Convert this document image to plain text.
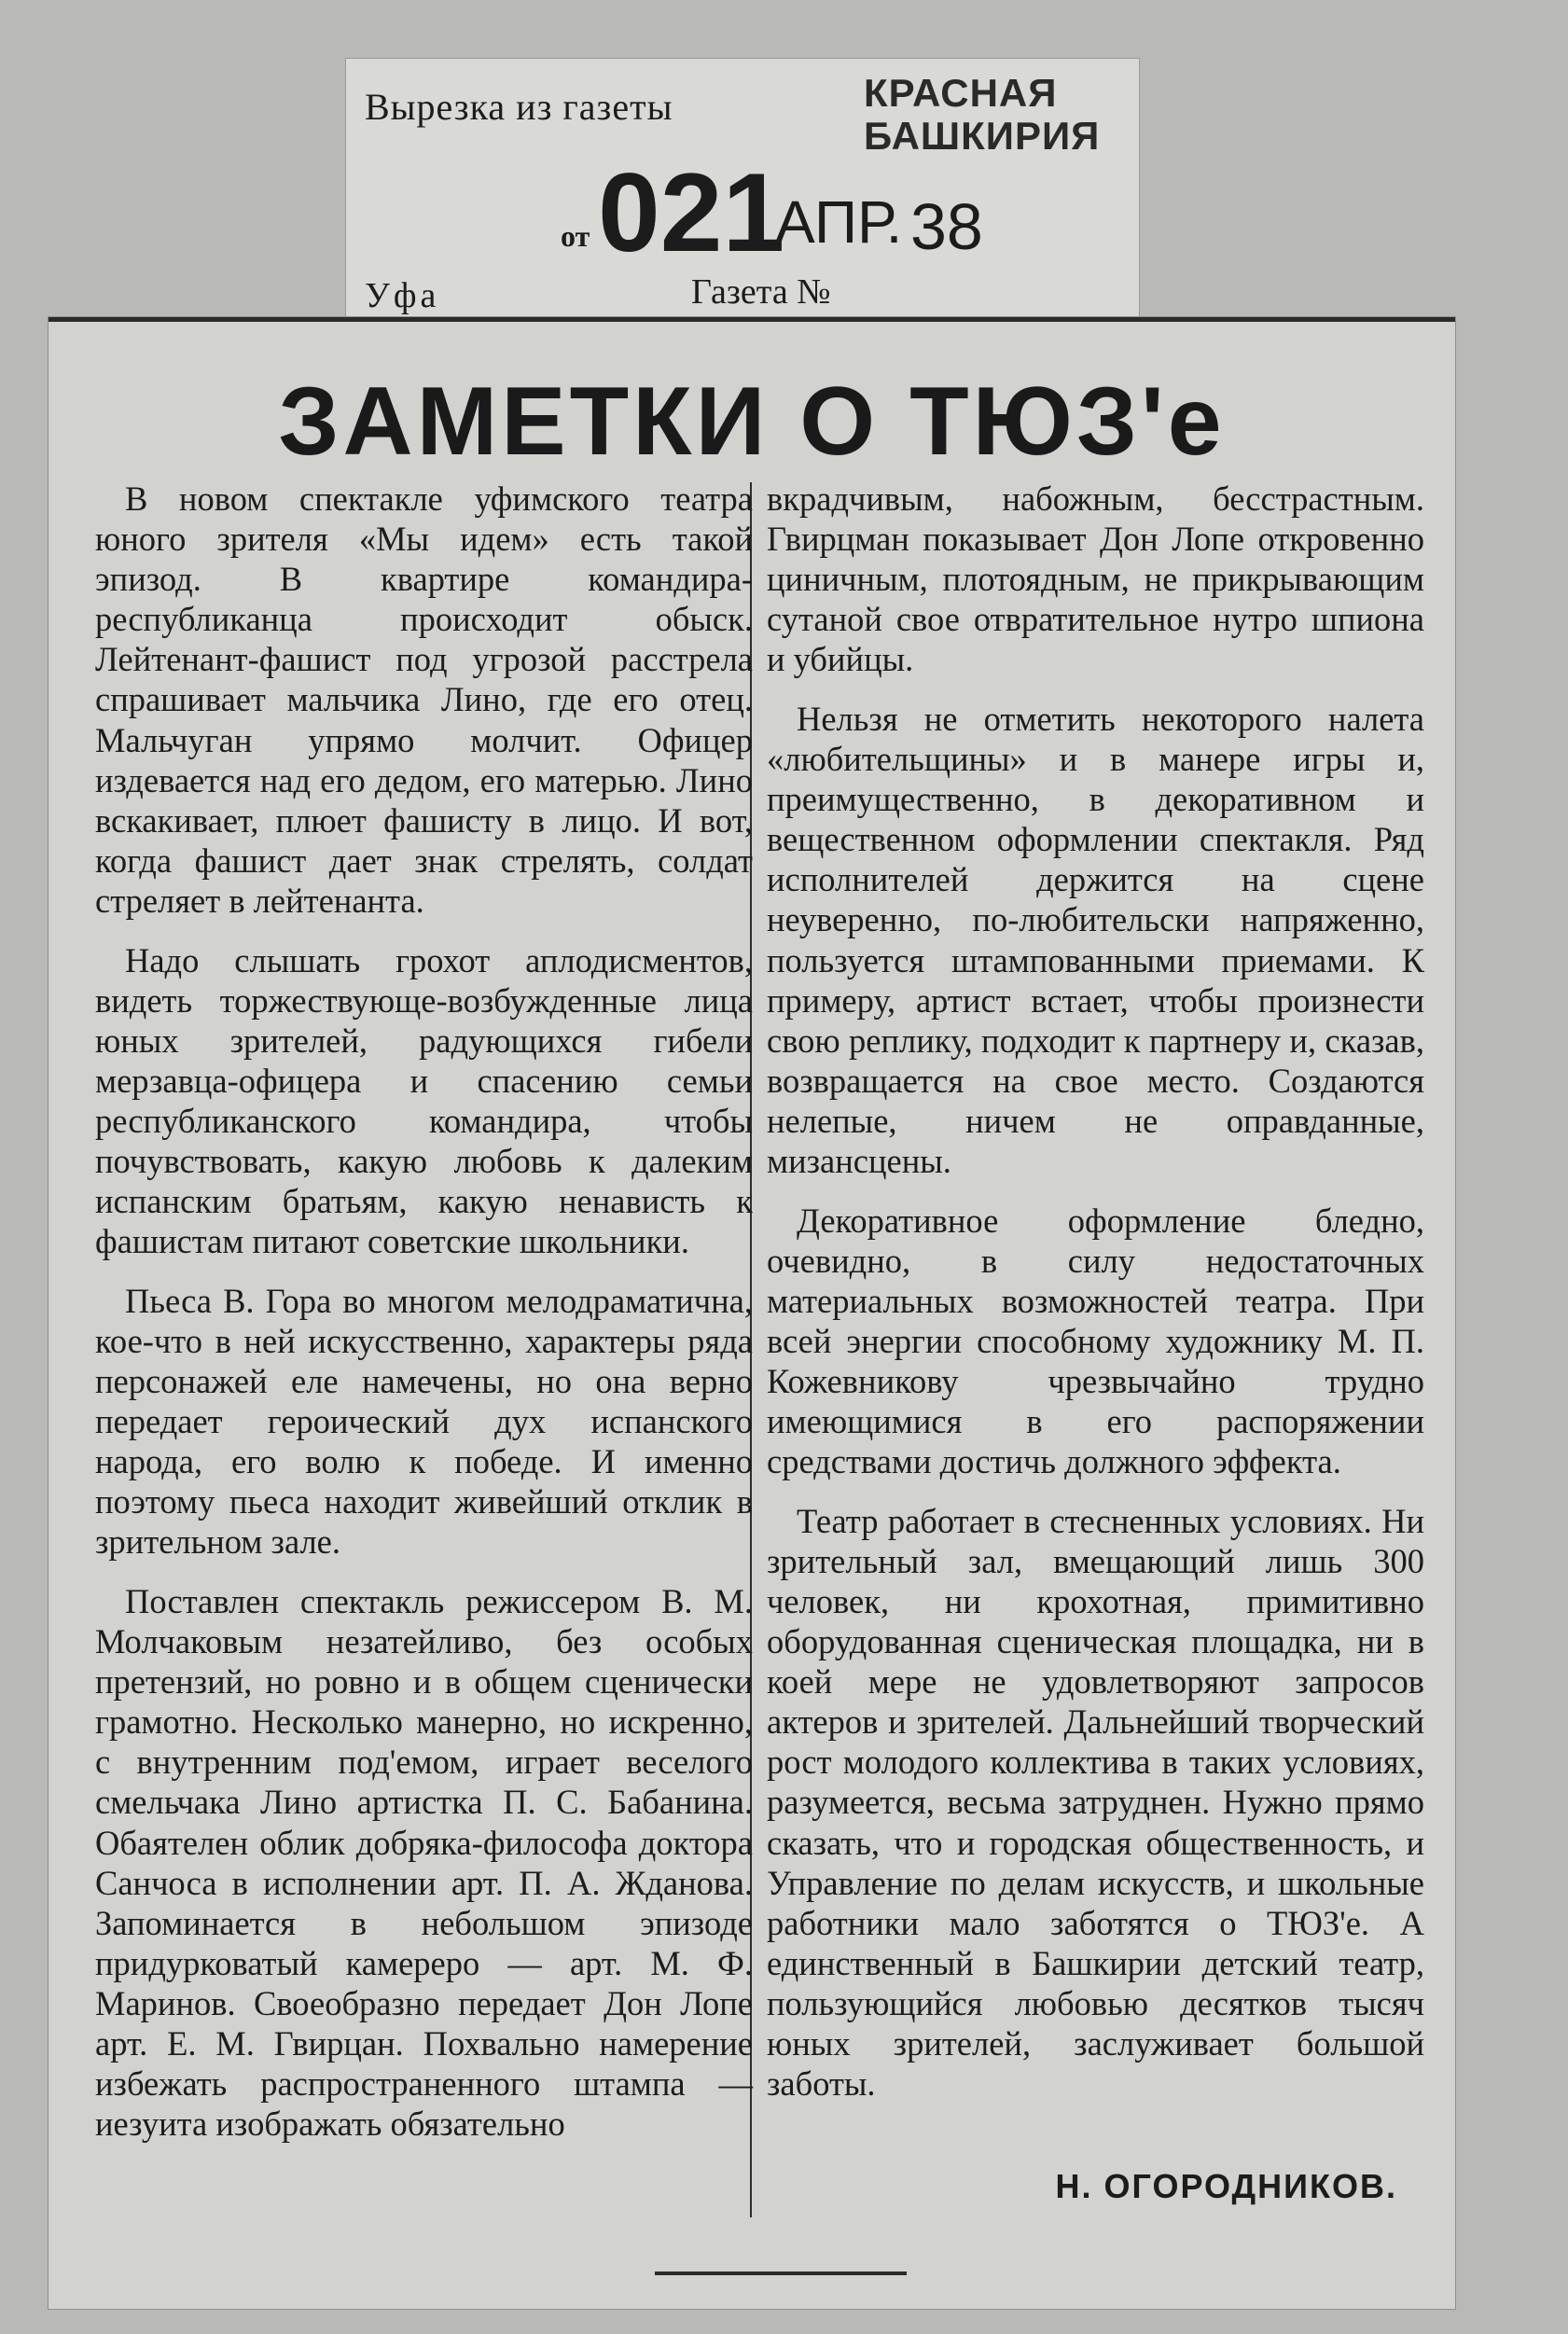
Вырезка из газеты	КРАСНАЯ
БАШКИРИЯ
от 021
АПР. 38
Уфа	Газета №
ЗАМЕТКИ О ТЮЗ'е

В новом спектакле уфимского театра юного зрителя «Мы идем» есть такой эпизод. В квартире командира-республиканца происходит обыск. Лейтенант-фашист под угрозой расстрела спрашивает мальчика Лино, где его отец. Мальчуган упрямо молчит. Офицер издевается над его дедом, его матерью. Лино вскакивает, плюет фашисту в лицо. И вот, когда фашист дает знак стрелять, солдат стреляет в лейтенанта.

Надо слышать грохот аплодисментов, видеть торжествующе-возбужденные лица юных зрителей, радующихся гибели мерзавца-офицера и спасению семьи республиканского командира, чтобы почувствовать, какую любовь к далеким испанским братьям, какую ненависть к фашистам питают советские школьники.

Пьеса В. Гора во многом мелодраматична, кое-что в ней искусственно, характеры ряда персонажей еле намечены, но она верно передает героический дух испанского народа, его волю к победе. И именно поэтому пьеса находит живейший отклик в зрительном зале.

Поставлен спектакль режиссером В. М. Молчаковым незатейливо, без особых претензий, но ровно и в общем сценически грамотно. Несколько манерно, но искренно, с внутренним под'емом, играет веселого смельчака Лино артистка П. С. Бабанина. Обаятелен облик добряка-философа доктора Санчоса в исполнении арт. П. А. Жданова. Запоминается в небольшом эпизоде придурковатый камереро — арт. М. Ф. Маринов. Своеобразно передает Дон Лопе арт. Е. М. Гвирцан. Похвально намерение избежать распространенного штампа — иезуита изображать обязательно

вкрадчивым, набожным, бесстрастным. Гвирцман показывает Дон Лопе откровенно циничным, плотоядным, не прикрывающим сутаной свое отвратительное нутро шпиона и убийцы.

Нельзя не отметить некоторого налета «любительщины» и в манере игры и, преимущественно, в декоративном и вещественном оформлении спектакля. Ряд исполнителей держится на сцене неуверенно, по-любительски напряженно, пользуется штампованными приемами. К примеру, артист встает, чтобы произнести свою реплику, подходит к партнеру и, сказав, возвращается на свое место. Создаются нелепые, ничем не оправданные, мизансцены.

Декоративное оформление бледно, очевидно, в силу недостаточных материальных возможностей театра. При всей энергии способному художнику М. П. Кожевникову чрезвычайно трудно имеющимися в его распоряжении средствами достичь должного эффекта.

Театр работает в стесненных условиях. Ни зрительный зал, вмещающий лишь 300 человек, ни крохотная, примитивно оборудованная сценическая площадка, ни в коей мере не удовлетворяют запросов актеров и зрителей. Дальнейший творческий рост молодого коллектива в таких условиях, разумеется, весьма затруднен. Нужно прямо сказать, что и городская общественность, и Управление по делам искусств, и школьные работники мало заботятся о ТЮЗ'е. А единственный в Башкирии детский театр, пользующийся любовью десятков тысяч юных зрителей, заслуживает большой заботы.

Н. ОГОРОДНИКОВ.
